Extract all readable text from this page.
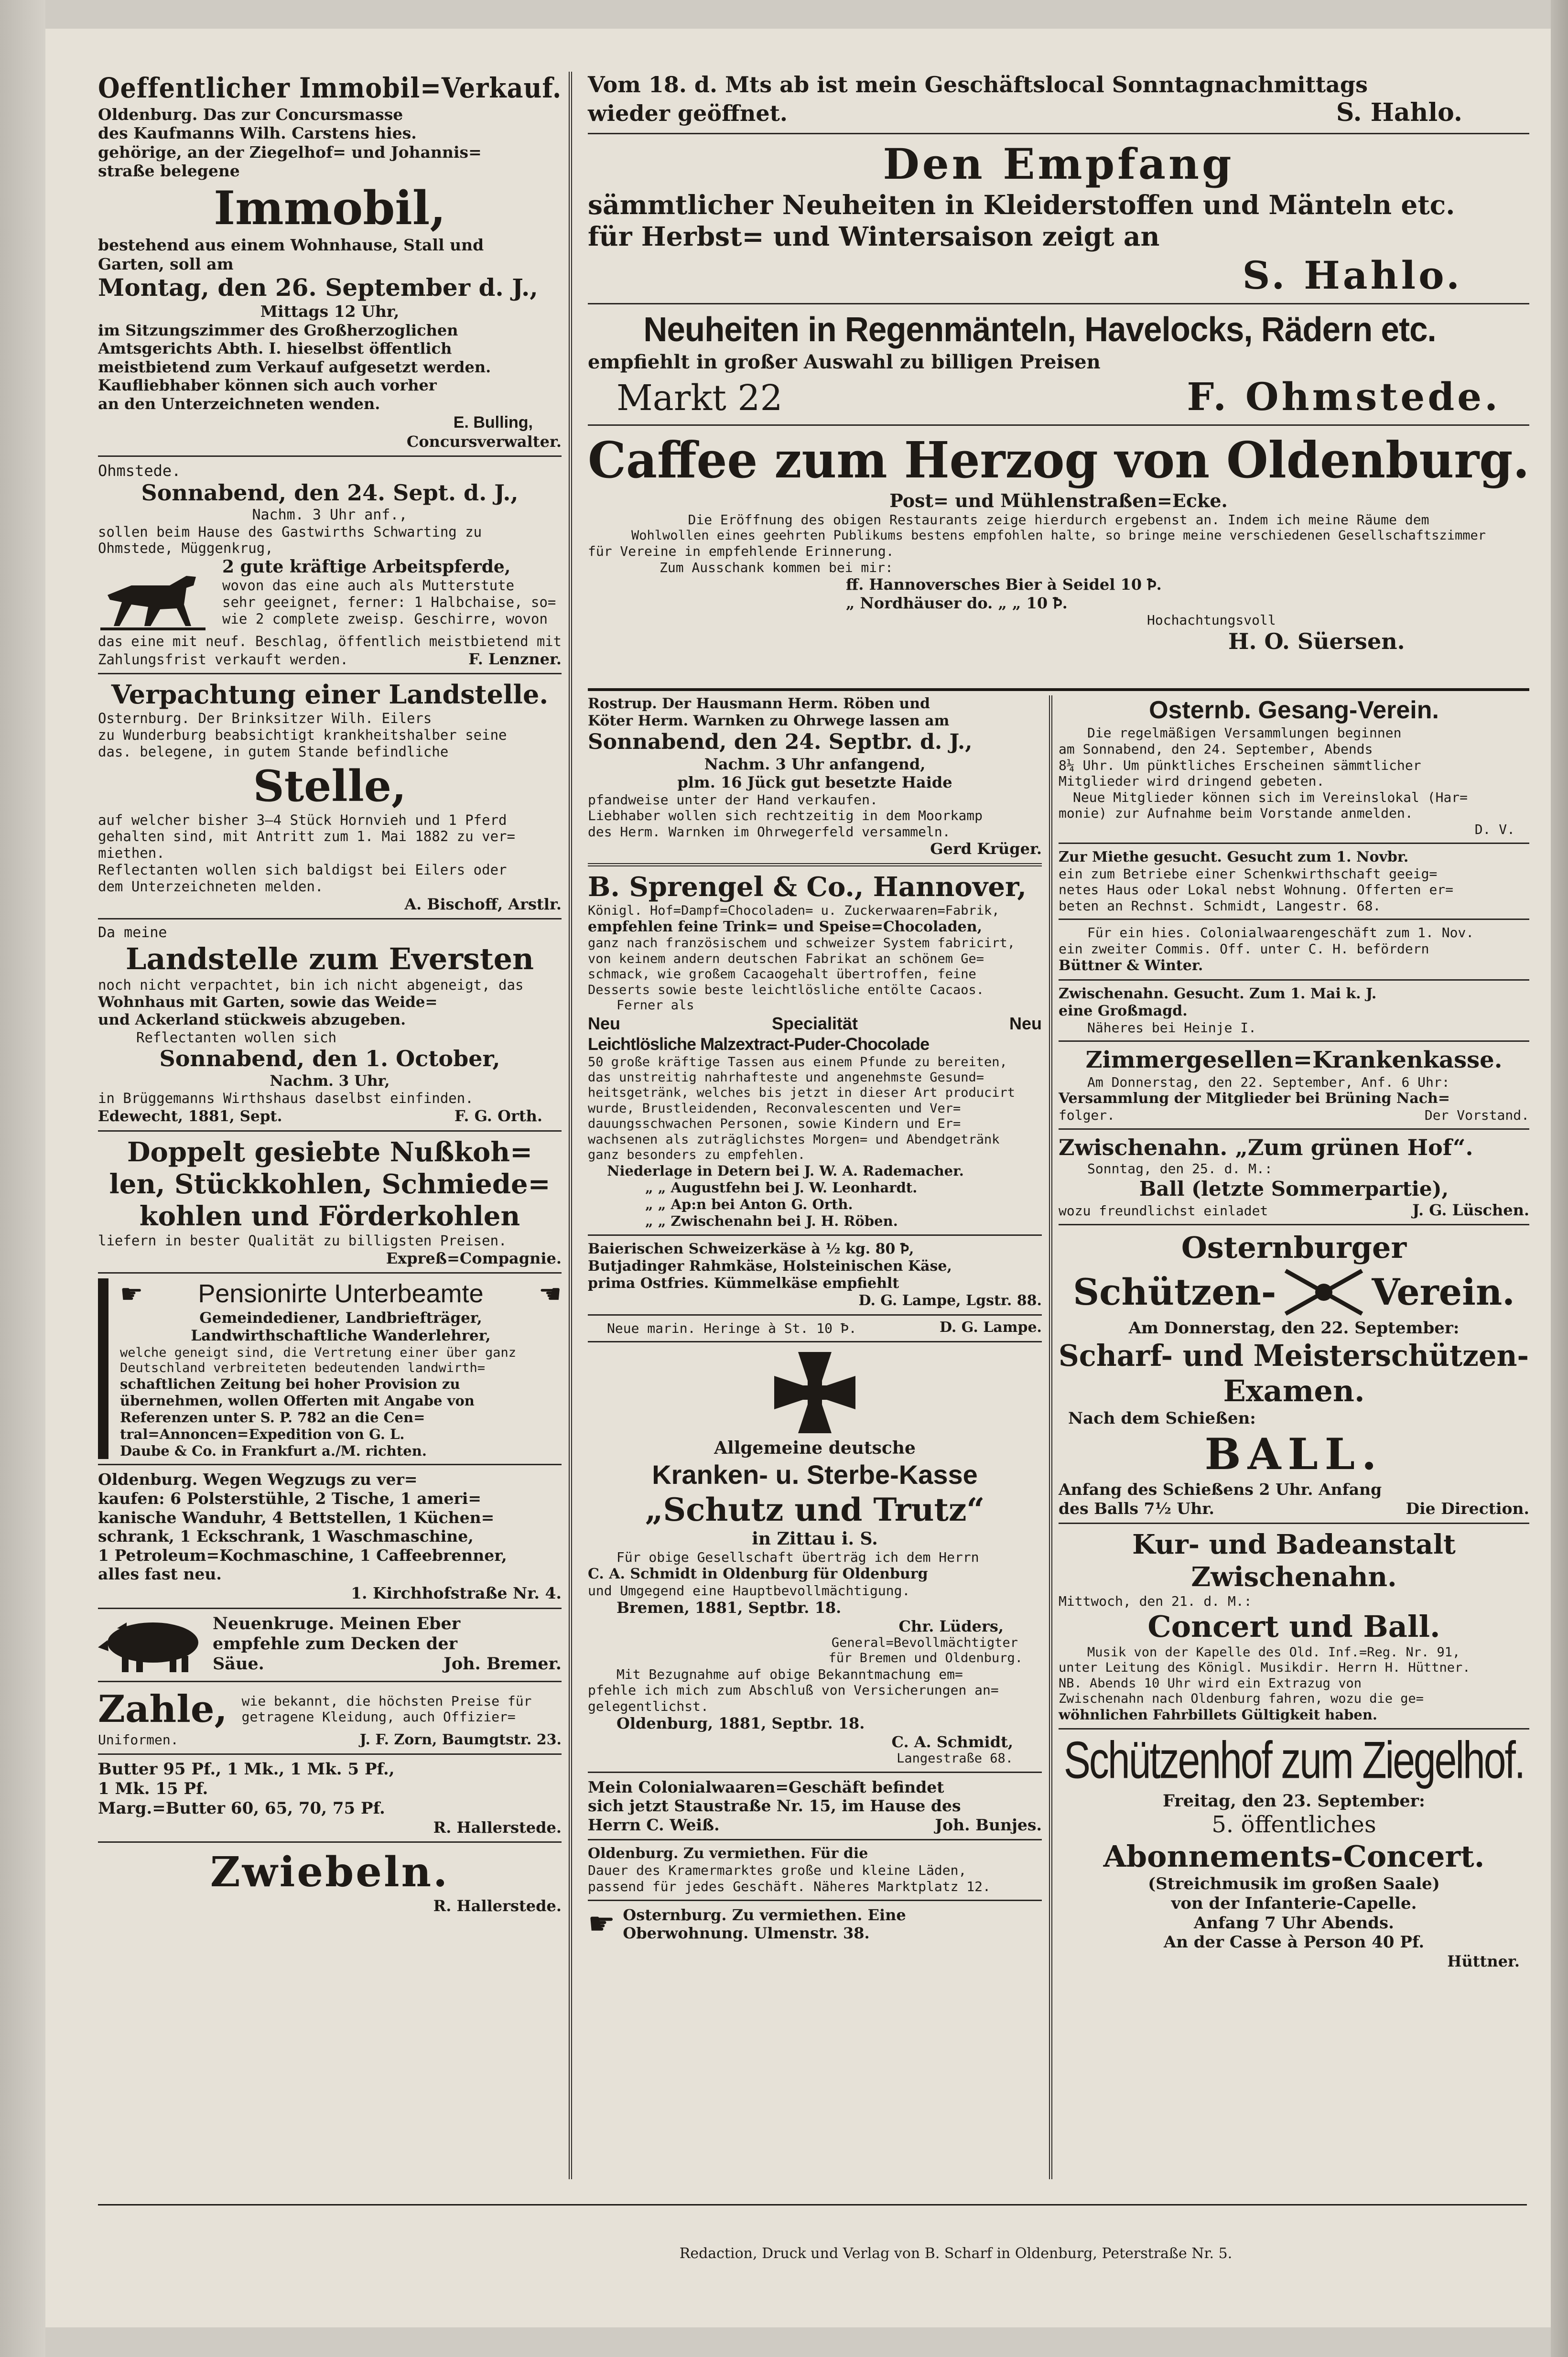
Oeffentlicher Immobil=Verkauf.

Oldenburg. Das zur Concursmasse

des Kaufmanns Wilh. Carstens hies.

gehörige, an der Ziegelhof= und Johannis=

straße belegene

Immobil,

bestehend aus einem Wohnhause, Stall und

Garten, soll am

Montag, den 26. September d. J.,

Mittags 12 Uhr,

im Sitzungszimmer des Großherzoglichen

Amtsgerichts Abth. I. hieselbst öffentlich

meistbietend zum Verkauf aufgesetzt werden.

Kaufliebhaber können sich auch vorher

an den Unterzeichneten wenden.

E. Bulling,

Concursverwalter.

Ohmstede.

Sonnabend, den 24. Sept. d. J.,

Nachm. 3 Uhr anf.,

sollen beim Hause des Gastwirths Schwarting zu

Ohmstede, Müggenkrug,

2 gute kräftige Arbeitspferde,

wovon das eine auch als Mutterstute

sehr geeignet, ferner: 1 Halbchaise, so=

wie 2 complete zweisp. Geschirre, wovon

das eine mit neuf. Beschlag, öffentlich meistbietend mit

Zahlungsfrist verkauft werden.	F. Lenzner.

Verpachtung einer Landstelle.

Osternburg. Der Brinksitzer Wilh. Eilers

zu Wunderburg beabsichtigt krankheitshalber seine

das. belegene, in gutem Stande befindliche

Stelle,

auf welcher bisher 3—4 Stück Hornvieh und 1 Pferd

gehalten sind, mit Antritt zum 1. Mai 1882 zu ver=

miethen.

Reflectanten wollen sich baldigst bei Eilers oder

dem Unterzeichneten melden.

A. Bischoff, Arstlr.

Da meine

Landstelle zum Eversten

noch nicht verpachtet, bin ich nicht abgeneigt, das

Wohnhaus mit Garten, sowie das Weide=

und Ackerland stückweis abzugeben.

Reflectanten wollen sich

Sonnabend, den 1. October,

Nachm. 3 Uhr,

in Brüggemanns Wirthshaus daselbst einfinden.

Edewecht, 1881, Sept.	F. G. Orth.

Doppelt gesiebte Nußkoh=

len, Stückkohlen, Schmiede=

kohlen und Förderkohlen

liefern in bester Qualität zu billigsten Preisen.

Expreß=Compagnie.

☛ Pensionirte Unterbeamte ☛

Gemeindediener, Landbriefträger,

Landwirthschaftliche Wanderlehrer,

welche geneigt sind, die Vertretung einer über ganz

Deutschland verbreiteten bedeutenden landwirth=

schaftlichen Zeitung bei hoher Provision zu

übernehmen, wollen Offerten mit Angabe von

Referenzen unter S. P. 782 an die Cen=

tral=Annoncen=Expedition von G. L.

Daube & Co. in Frankfurt a./M. richten.

Oldenburg. Wegen Wegzugs zu ver=

kaufen: 6 Polsterstühle, 2 Tische, 1 ameri=

kanische Wanduhr, 4 Bettstellen, 1 Küchen=

schrank, 1 Eckschrank, 1 Waschmaschine,

1 Petroleum=Kochmaschine, 1 Caffeebrenner,

alles fast neu.

1. Kirchhofstraße Nr. 4.

Neuenkruge. Meinen Eber

empfehle zum Decken der

Säue.	Joh. Bremer.

Zahle, wie bekannt, die höchsten Preise für

getragene Kleidung, auch Offizier=

Uniformen.	J. F. Zorn, Baumgtstr. 23.

Butter 95 Pf., 1 Mk., 1 Mk. 5 Pf.,

1 Mk. 15 Pf.

Marg.=Butter 60, 65, 70, 75 Pf.

R. Hallerstede.

Zwiebeln.

R. Hallerstede.

Vom 18. d. Mts ab ist mein Geschäftslocal Sonntagnachmittags

wieder geöffnet.	S. Hahlo.

Den Empfang

sämmtlicher Neuheiten in Kleiderstoffen und Mänteln etc.

für Herbst= und Wintersaison zeigt an

S. Hahlo.

Neuheiten in Regenmänteln, Havelocks, Rädern etc.

empfiehlt in großer Auswahl zu billigen Preisen

Markt 22	F. Ohmstede.

Caffee zum Herzog von Oldenburg.

Post= und Mühlenstraßen=Ecke.

Die Eröffnung des obigen Restaurants zeige hierdurch ergebenst an. Indem ich meine Räume dem

Wohlwollen eines geehrten Publikums bestens empfohlen halte, so bringe meine verschiedenen Gesellschaftszimmer

für Vereine in empfehlende Erinnerung.

Zum Ausschank kommen bei mir:

ff. Hannoversches Bier à Seidel 10 Ꝥ.

„ Nordhäuser do. „ „ 10 Ꝥ.

Hochachtungsvoll

H. O. Süersen.

Rostrup. Der Hausmann Herm. Röben und

Köter Herm. Warnken zu Ohrwege lassen am

Sonnabend, den 24. Septbr. d. J.,

Nachm. 3 Uhr anfangend,

plm. 16 Jück gut besetzte Haide

pfandweise unter der Hand verkaufen.

Liebhaber wollen sich rechtzeitig in dem Moorkamp

des Herm. Warnken im Ohrwegerfeld versammeln.

Gerd Krüger.

B. Sprengel & Co., Hannover,

Königl. Hof=Dampf=Chocoladen= u. Zuckerwaaren=Fabrik,

empfehlen feine Trink= und Speise=Chocoladen,

ganz nach französischem und schweizer System fabricirt,

von keinem andern deutschen Fabrikat an schönem Ge=

schmack, wie großem Cacaogehalt übertroffen, feine

Desserts sowie beste leichtlösliche entölte Cacaos.

Ferner als

Neu	Specialität	Neu

Leichtlösliche Malzextract-Puder-Chocolade

50 große kräftige Tassen aus einem Pfunde zu bereiten,

das unstreitig nahrhafteste und angenehmste Gesund=

heitsgetränk, welches bis jetzt in dieser Art producirt

wurde, Brustleidenden, Reconvalescenten und Ver=

dauungsschwachen Personen, sowie Kindern und Er=

wachsenen als zuträglichstes Morgen= und Abendgetränk

ganz besonders zu empfehlen.

Niederlage in Detern bei J. W. A. Rademacher.

„ „ Augustfehn bei J. W. Leonhardt.

„ „ Ap:n bei Anton G. Orth.

„ „ Zwischenahn bei J. H. Röben.

Baierischen Schweizerkäse à ½ kg. 80 Ꝥ,

Butjadinger Rahmkäse, Holsteinischen Käse,

prima Ostfries. Kümmelkäse empfiehlt

D. G. Lampe, Lgstr. 88.

Neue marin. Heringe à St. 10 Ꝥ.	D. G. Lampe.

Allgemeine deutsche

Kranken- u. Sterbe-Kasse

„Schutz und Trutz“

in Zittau i. S.

Für obige Gesellschaft überträg ich dem Herrn

C. A. Schmidt in Oldenburg für Oldenburg

und Umgegend eine Hauptbevollmächtigung.

Bremen, 1881, Septbr. 18.

Chr. Lüders,

General=Bevollmächtigter

für Bremen und Oldenburg.

Mit Bezugnahme auf obige Bekanntmachung em=

pfehle ich mich zum Abschluß von Versicherungen an=

gelegentlichst.

Oldenburg, 1881, Septbr. 18.

C. A. Schmidt,

Langestraße 68.

Mein Colonialwaaren=Geschäft befindet

sich jetzt Staustraße Nr. 15, im Hause des

Herrn C. Weiß.	Joh. Bunjes.

Oldenburg. Zu vermiethen. Für die

Dauer des Kramermarktes große und kleine Läden,

passend für jedes Geschäft. Näheres Marktplatz 12.

☛ Osternburg. Zu vermiethen. Eine

Oberwohnung. Ulmenstr. 38.

Osternb. Gesang-Verein.

Die regelmäßigen Versammlungen beginnen

am Sonnabend, den 24. September, Abends

8¼ Uhr. Um pünktliches Erscheinen sämmtlicher

Mitglieder wird dringend gebeten.

Neue Mitglieder können sich im Vereinslokal (Har=

monie) zur Aufnahme beim Vorstande anmelden.

D. V.

Zur Miethe gesucht. Gesucht zum 1. Novbr.

ein zum Betriebe einer Schenkwirthschaft geeig=

netes Haus oder Lokal nebst Wohnung. Offerten er=

beten an Rechnst. Schmidt, Langestr. 68.

Für ein hies. Colonialwaarengeschäft zum 1. Nov.

ein zweiter Commis. Off. unter C. H. befördern

Büttner & Winter.

Zwischenahn. Gesucht. Zum 1. Mai k. J.

eine Großmagd.

Näheres bei Heinje I.

Zimmergesellen=Krankenkasse.

Am Donnerstag, den 22. September, Anf. 6 Uhr:

Versammlung der Mitglieder bei Brüning Nach=

folger.	Der Vorstand.

Zwischenahn. „Zum grünen Hof“.

Sonntag, den 25. d. M.:

Ball (letzte Sommerpartie),

wozu freundlichst einladet	J. G. Lüschen.

Osternburger

Schützen-	Verein.

Am Donnerstag, den 22. September:

Scharf- und Meisterschützen-

Examen.

Nach dem Schießen:

BALL.

Anfang des Schießens 2 Uhr. Anfang

des Balls 7½ Uhr.	Die Direction.

Kur- und Badeanstalt

Zwischenahn.

Mittwoch, den 21. d. M.:

Concert und Ball.

Musik von der Kapelle des Old. Inf.=Reg. Nr. 91,

unter Leitung des Königl. Musikdir. Herrn H. Hüttner.

NB. Abends 10 Uhr wird ein Extrazug von

Zwischenahn nach Oldenburg fahren, wozu die ge=

wöhnlichen Fahrbillets Gültigkeit haben.

Schützenhof zum Ziegelhof.

Freitag, den 23. September:

5. öffentliches

Abonnements-Concert.

(Streichmusik im großen Saale)

von der Infanterie-Capelle.

Anfang 7 Uhr Abends.

An der Casse à Person 40 Pf.

Hüttner.

Redaction, Druck und Verlag von B. Scharf in Oldenburg, Peterstraße Nr. 5.
